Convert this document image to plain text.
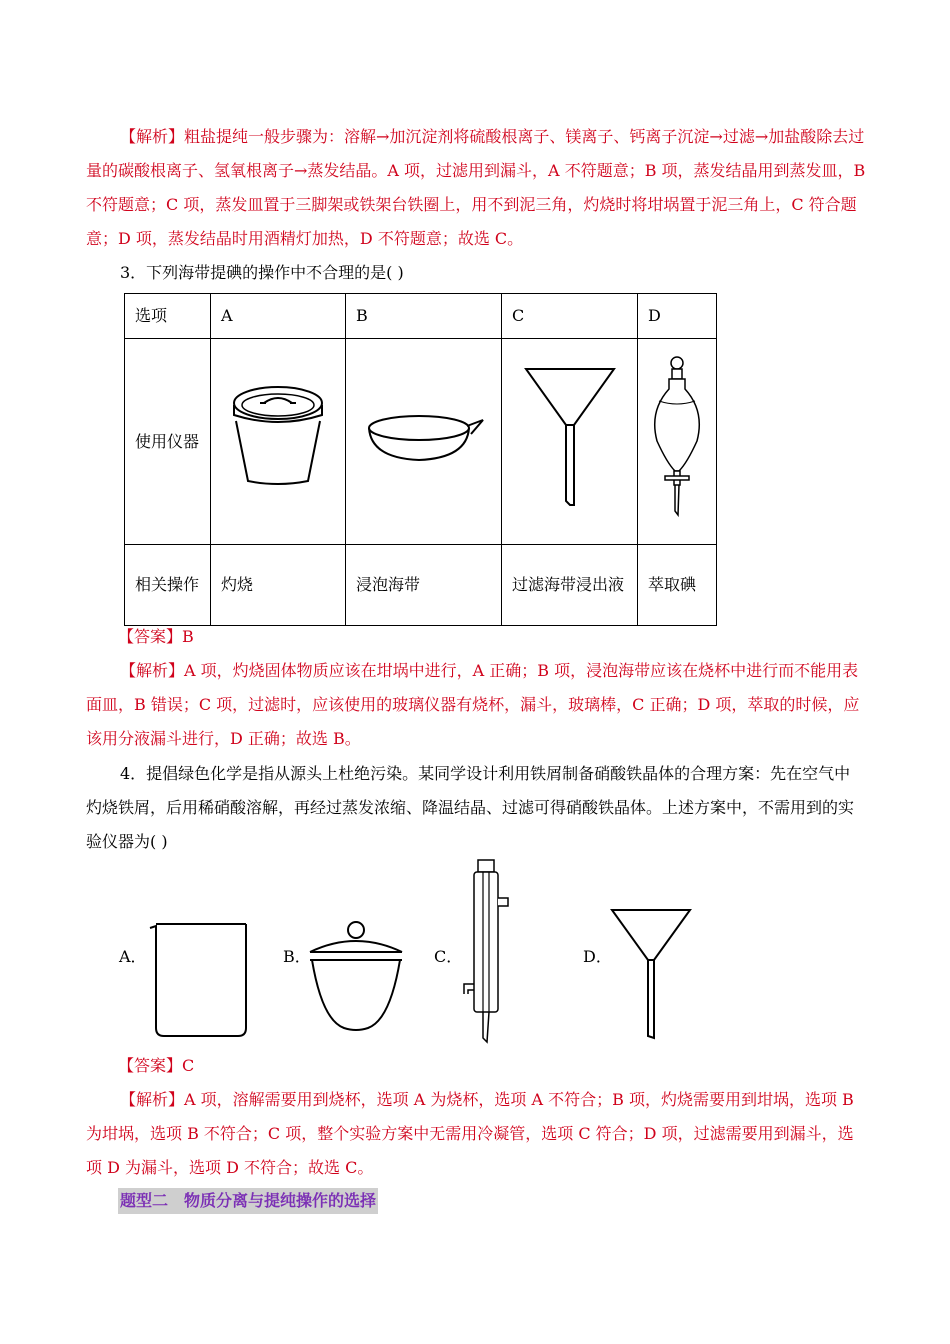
【解析】粗盐提纯一般步骤为：溶解→加沉淀剂将硫酸根离子、镁离子、钙离子沉淀→过滤→加盐酸除去过量的碳酸根离子、氢氧根离子→蒸发结晶。A 项，过滤用到漏斗，A 不符题意；B 项，蒸发结晶用到蒸发皿，B 不符题意；C 项，蒸发皿置于三脚架或铁架台铁圈上，用不到泥三角，灼烧时将坩埚置于泥三角上，C 符合题意；D 项，蒸发结晶时用酒精灯加热，D 不符题意；故选 C。
3．下列海带提碘的操作中不合理的是( )
选项	A	B	C	D
使用仪器				
相关操作	灼烧	浸泡海带	过滤海带浸出液	萃取碘
【答案】B
【解析】A 项，灼烧固体物质应该在坩埚中进行，A 正确；B 项，浸泡海带应该在烧杯中进行而不能用表面皿，B 错误；C 项，过滤时，应该使用的玻璃仪器有烧杯，漏斗，玻璃棒，C 正确；D 项，萃取的时候，应该用分液漏斗进行，D 正确；故选 B。
4．提倡绿色化学是指从源头上杜绝污染。某同学设计利用铁屑制备硝酸铁晶体的合理方案：先在空气中灼烧铁屑，后用稀硝酸溶解，再经过蒸发浓缩、降温结晶、过滤可得硝酸铁晶体。上述方案中，不需用到的实验仪器为( )
A．	B．	C．	D．
【答案】C
【解析】A 项，溶解需要用到烧杯，选项 A 为烧杯，选项 A 不符合；B 项，灼烧需要用到坩埚，选项 B 为坩埚，选项 B 不符合；C 项，整个实验方案中无需用冷凝管，选项 C 符合；D 项，过滤需要用到漏斗，选项 D 为漏斗，选项 D 不符合；故选 C。
题型二　物质分离与提纯操作的选择
